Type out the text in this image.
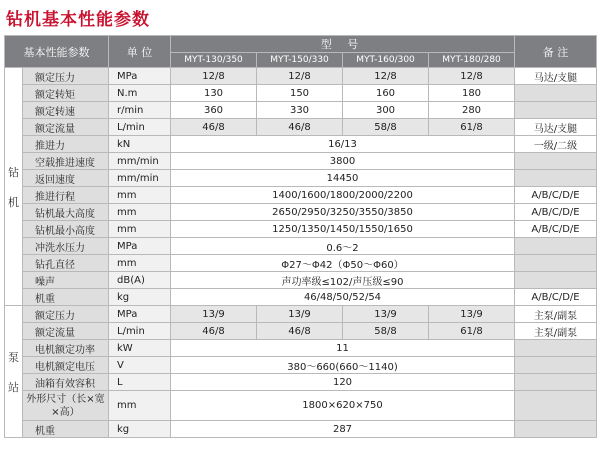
钻机基本性能参数
基本性能参数		单 位	型 号				备 注
			MYT-130/350	MYT-150/330	MYT-160/300	MYT-180/280	

钻
机	额定压力	MPa	12/8	12/8	12/8	12/8	马达/支腿
	额定转矩	N.m	130	150	160	180	
	额定转速	r/min	360	330	300	280	
	额定流量	L/min	46/8	46/8	58/8	61/8	马达/支腿
	推进力	kN	16/13				一级/二级
	空载推进速度	mm/min	3800				
	返回速度	mm/min	14450				
	推进行程	mm	1400/1600/1800/2000/2200				A/B/C/D/E
	钻机最大高度	mm	2650/2950/3250/3550/3850				A/B/C/D/E
	钻机最小高度	mm	1250/1350/1450/1550/1650				A/B/C/D/E
	冲洗水压力	MPa	0.6～2				
	钻孔直径	mm	Φ27～Φ42（Φ50～Φ60）				
	噪声	dB(A)	声功率级≤102/声压级≤90				
	机重	kg	46/48/50/52/54				A/B/C/D/E

泵
站	额定压力	MPa	13/9	13/9	13/9	13/9	主泵/副泵
	额定流量	L/min	46/8	46/8	58/8	61/8	主泵/副泵
	电机额定功率	kW	11				
	电机额定电压	V	380～660(660～1140)				
	油箱有效容积	L	120				
	外形尺寸（长×宽×高）	mm	1800×620×750				
	机重	kg	287				
